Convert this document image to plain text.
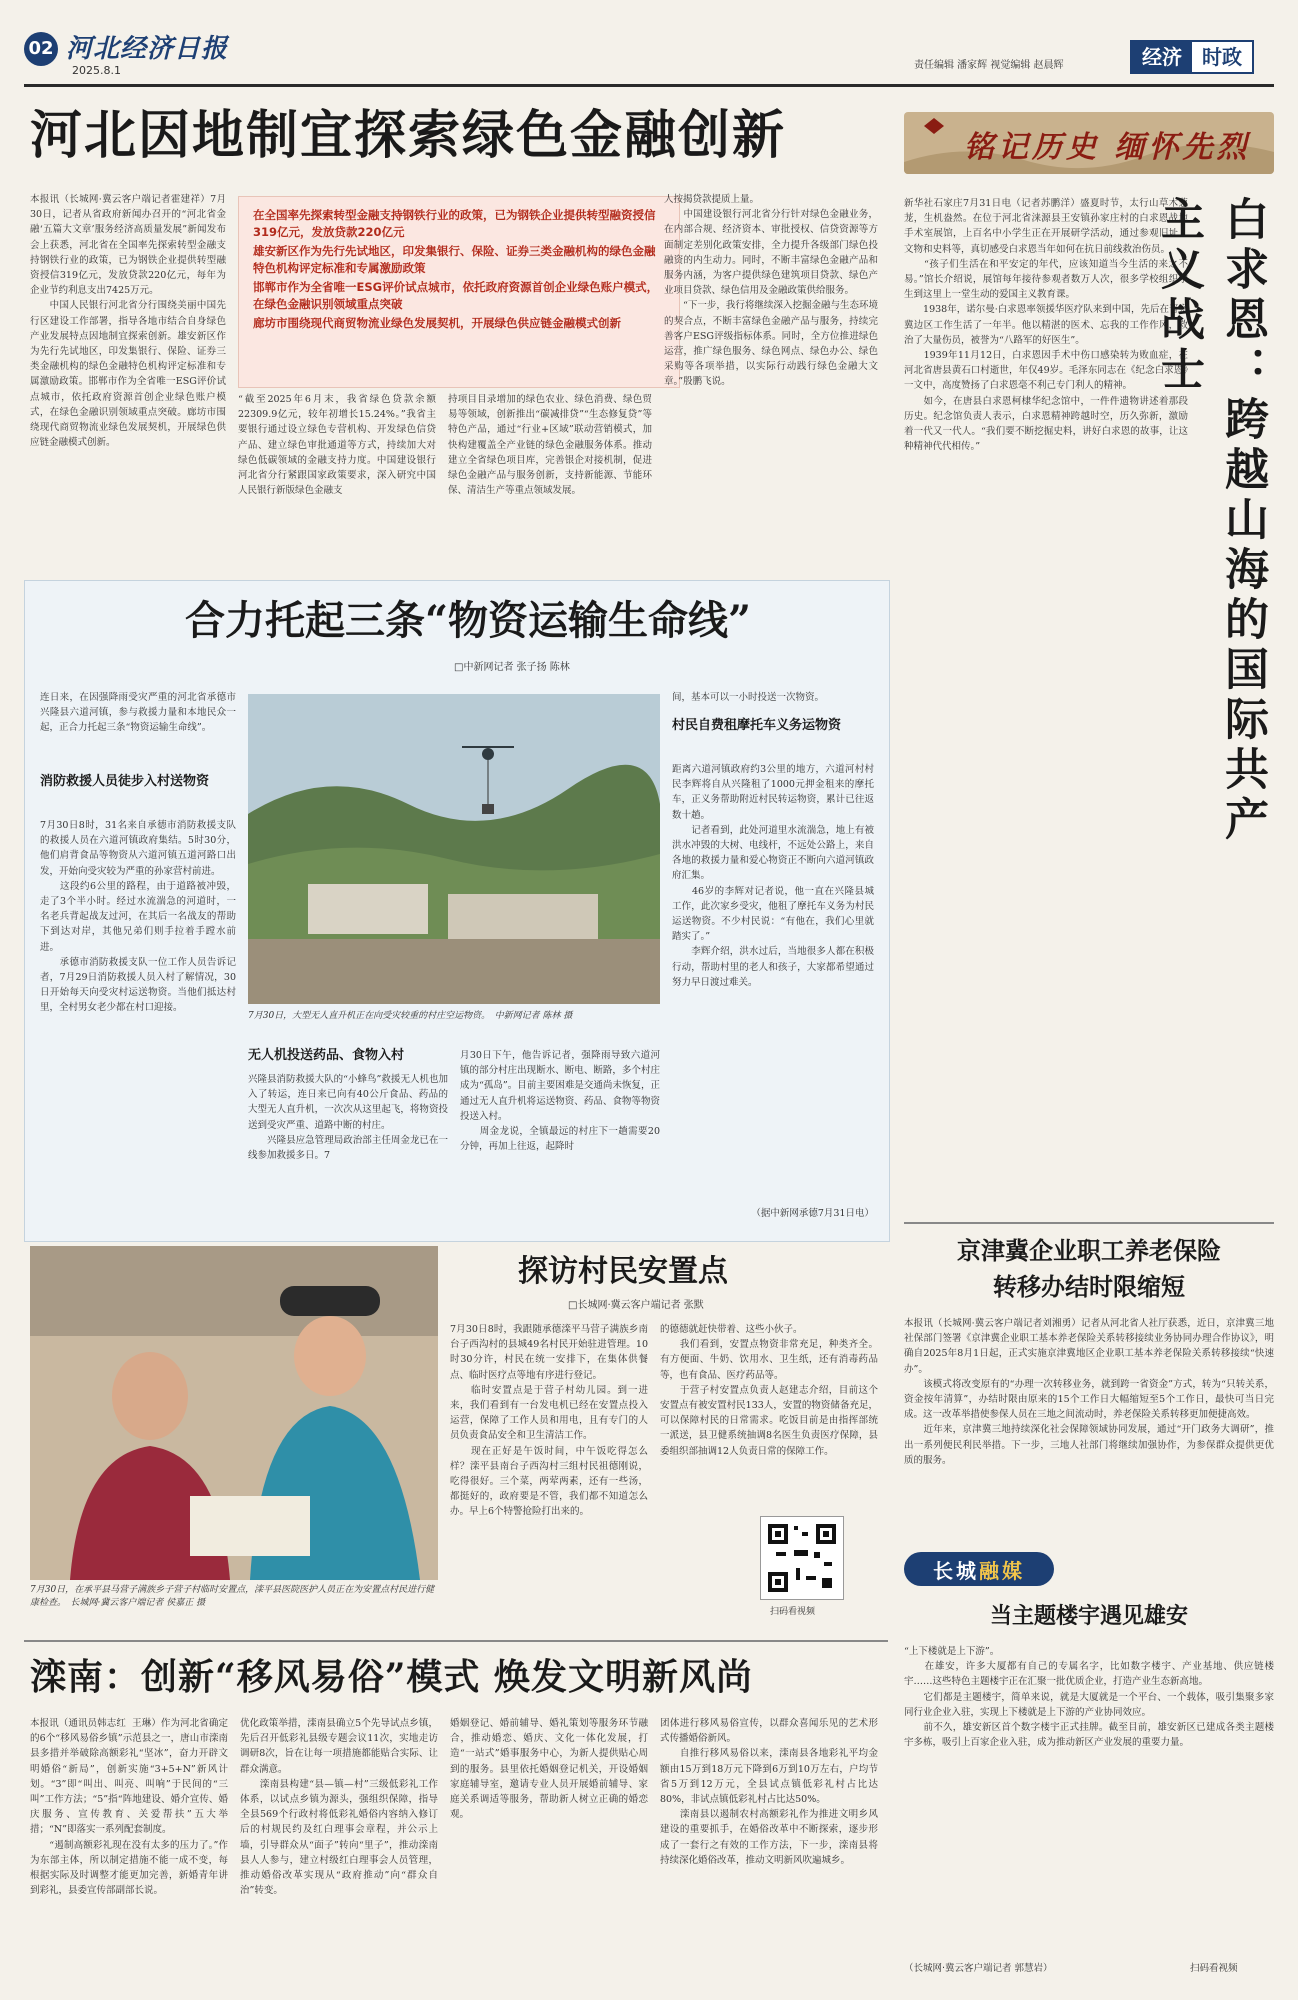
02 河北经济日报
2025.8.1	责任编辑 潘家辉 视觉编辑 赵晨辉	经济	时政
河北因地制宜探索绿色金融创新
本报讯（长城网·冀云客户端记者霍建祥）7月30日，记者从省政府新闻办召开的“河北省金融‘五篇大文章’服务经济高质量发展”新闻发布会上获悉，河北省在全国率先探索转型金融支持钢铁行业的政策，已为钢铁企业提供转型融资授信319亿元，发放贷款220亿元，每年为企业节约利息支出7425万元。
　　中国人民银行河北省分行围绕美丽中国先行区建设工作部署，指导各地市结合自身绿色产业发展特点因地制宜探索创新。雄安新区作为先行先试地区，印发集银行、保险、证券三类金融机构的绿色金融特色机构评定标准和专属激励政策。邯郸市作为全省唯一ESG评价试点城市，依托政府资源首创企业绿色账户模式，在绿色金融识别领域重点突破。廊坊市围绕现代商贸物流业绿色发展契机，开展绿色供应链金融模式创新。

在全国率先探索转型金融支持钢铁行业的政策，已为钢铁企业提供转型融资授信319亿元，发放贷款220亿元

雄安新区作为先行先试地区，印发集银行、保险、证券三类金融机构的绿色金融特色机构评定标准和专属激励政策

邯郸市作为全省唯一ESG评价试点城市，依托政府资源首创企业绿色账户模式，在绿色金融识别领域重点突破

廊坊市围绕现代商贸物流业绿色发展契机，开展绿色供应链金融模式创新

“截至2025年6月末，我省绿色贷款余额22309.9亿元，较年初增长15.24%。”我省主要银行通过设立绿色专营机构、开发绿色信贷产品、建立绿色审批通道等方式，持续加大对绿色低碳领域的金融支持力度。中国建设银行河北省分行紧跟国家政策要求，深入研究中国人民银行新版绿色金融支
持项目目录增加的绿色农业、绿色消费、绿色贸易等领域，创新推出“碳减排贷”“生态修复贷”等特色产品，通过“行业+区域”联动营销模式，加快构建覆盖全产业链的绿色金融服务体系。推动建立全省绿色项目库，完善银企对接机制，促进绿色金融产品与服务创新，支持新能源、节能环保、清洁生产等重点领域发展。
人按揭贷款提质上量。
　　中国建设银行河北省分行针对绿色金融业务，在内部合规、经济资本、审批授权、信贷资源等方面制定差别化政策安排，全力提升各级部门绿色投融资的内生动力。同时，不断丰富绿色金融产品和服务内涵，为客户提供绿色建筑项目贷款、绿色产业项目贷款、绿色信用及金融政策供给服务。
　　“下一步，我行将继续深入挖掘金融与生态环境的契合点，不断丰富绿色金融产品与服务，持续完善客户ESG评级指标体系。同时，全方位推进绿色运营，推广绿色服务、绿色网点、绿色办公、绿色采购等各项举措，以实际行动践行绿色金融大文章。”殷鹏飞说。
合力托起三条“物资运输生命线”
□中新网记者 张子扬 陈林
连日来，在因强降雨受灾严重的河北省承德市兴隆县六道河镇，参与救援力量和本地民众一起，正合力托起三条“物资运输生命线”。
消防救援人员徒步入村送物资
7月30日8时，31名来自承德市消防救援支队的救援人员在六道河镇政府集结。5时30分，他们肩背食品等物资从六道河镇五道河路口出发，开始向受灾较为严重的孙家营村前进。
　　这段约6公里的路程，由于道路被冲毁，走了3个半小时。经过水流湍急的河道时，一名老兵背起战友过河，在其后一名战友的帮助下到达对岸，其他兄弟们则手拉着手蹚水前进。
　　承德市消防救援支队一位工作人员告诉记者，7月29日消防救援人员入村了解情况，30日开始每天向受灾村运送物资。当他们抵达村里，全村男女老少都在村口迎接。
7月30日，大型无人直升机正在向受灾较重的村庄空运物资。　中新网记者 陈林 摄
无人机投送药品、食物入村
兴隆县消防救援大队的“小蜂鸟”救援无人机也加入了转运，连日来已向有40公斤食品、药品的大型无人直升机，一次次从这里起飞，将物资投送到受灾严重、道路中断的村庄。
　　兴隆县应急管理局政治部主任周金龙已在一线参加救援多日。7
月30日下午，他告诉记者，强降雨导致六道河镇的部分村庄出现断水、断电、断路，多个村庄成为“孤岛”。目前主要困难是交通尚未恢复，正通过无人直升机将运送物资、药品、食物等物资投送入村。
　　周金龙说，全镇最远的村庄下一趟需要20分钟，再加上往返，起降时
间，基本可以一小时投送一次物资。
村民自费租摩托车义务运物资
距离六道河镇政府约3公里的地方，六道河村村民李辉将自从兴隆租了1000元押金租来的摩托车，正义务帮助附近村民转运物资，累计已往返数十趟。
　　记者看到，此处河道里水流湍急，地上有被洪水冲毁的大树、电线杆，不远处公路上，来自各地的救援力量和爱心物资正不断向六道河镇政府汇集。
　　46岁的李辉对记者说，他一直在兴隆县城工作，此次家乡受灾，他租了摩托车义务为村民运送物资。不少村民说：“有他在，我们心里就踏实了。”
　　李辉介绍，洪水过后，当地很多人都在积极行动，帮助村里的老人和孩子，大家都希望通过努力早日渡过难关。
（据中新网承德7月31日电）
探访村民安置点
□长城网·冀云客户端记者 张默
7月30日，在承平县马营子满族乡子营子村临时安置点，滦平县医院医护人员正在为安置点村民进行健康检查。　长城网·冀云客户端记者 侯嘉正 摄
7月30日8时，我跟随承德滦平马营子满族乡南台子西沟村的县城49名村民开始驻进管理。10时30分许，村民在统一安排下，在集体供餐点、临时医疗点等地有序进行登记。
　　临时安置点是于营子村幼儿园。到一进来，我们看到有一台发电机已经在安置点投入运营，保障了工作人员和用电，且有专门的人员负责食品安全和卫生清洁工作。
　　现在正好是午饭时间，中午饭吃得怎么样？滦平县南台子西沟村三组村民祖德刚说，吃得很好。三个菜，两荤两素，还有一些汤，都挺好的，政府要是不管，我们都不知道怎么办。早上6个特警抢险打出来的。
的德德就赶快带着、这些小伙子。
　　我们看到，安置点物资非常充足，种类齐全。有方便面、牛奶、饮用水、卫生纸，还有消毒药品等，也有食品、医疗药品等。
　　于营子村安置点负责人赵建志介绍，目前这个安置点有被安置村民133人，安置的物资储备充足，可以保障村民的日常需求。吃饭目前是由指挥部统一派送，县卫健系统抽调8名医生负责医疗保障，县委组织部抽调12人负责日常的保障工作。
扫码看视频
滦南：创新“移风易俗”模式 焕发文明新风尚
本报讯（通讯员韩志红  王琳）作为河北省确定的6个“移风易俗乡镇”示范县之一，唐山市滦南县多措并举破除高额彩礼“坚冰”，奋力开辟文明婚俗“新局”，创新实施“3+5+N”新风计划。“3”即“叫出、叫亮、叫响”于民间的“三叫”工作方法；“5”指“阵地建设、婚介宣传、婚庆服务、宣传教育、关爱帮扶”五大举措；“N”即落实一系列配套制度。
　　“遏制高额彩礼现在没有太多的压力了。”作为东部主体，所以制定措施不能一成不变，每根据实际及时调整才能更加完善，新婚青年讲到彩礼，县委宣传部副部长说。
优化政策举措，滦南县确立5个先导试点乡镇，先后召开低彩礼县级专题会议11次，实地走访调研8次，旨在让每一项措施都能贴合实际、让群众满意。
　　滦南县构建“县—镇—村”三级低彩礼工作体系，以试点乡镇为源头，强组织保障，指导全县569个行政村将低彩礼婚俗内容纳入修订后的村规民约及红白理事会章程，并公示上墙，引导群众从“面子”转向“里子”，推动滦南县人人参与，建立村级红白理事会人员管理，推动婚俗改革实现从“政府推动”向“群众自治”转变。
婚姻登记、婚前辅导、婚礼策划等服务环节融合，推动婚恋、婚庆、文化一体化发展，打造“一站式”婚事服务中心，为新人提供贴心周到的服务。县里依托婚姻登记机关，开设婚姻家庭辅导室，邀请专业人员开展婚前辅导、家庭关系调适等服务，帮助新人树立正确的婚恋观。
团体进行移风易俗宣传，以群众喜闻乐见的艺术形式传播婚俗新风。
　　自推行移风易俗以来，滦南县各地彩礼平均金额由15万到18万元下降到6万到10万左右，户均节省5万到12万元，全县试点镇低彩礼村占比达80%，非试点镇低彩礼村占比达50%。
　　滦南县以遏制农村高额彩礼作为推进文明乡风建设的重要抓手，在婚俗改革中不断探索，逐步形成了一套行之有效的工作方法，下一步，滦南县将持续深化婚俗改革，推动文明新风吹遍城乡。
铭记历史 缅怀先烈
新华社石家庄7月31日电（记者苏鹏洋）盛夏时节，太行山草木葱茏，生机盎然。在位于河北省涞源县王安镇孙家庄村的白求恩战地手术室展馆，上百名中小学生正在开展研学活动，通过参观旧址、文物和史料等，真切感受白求恩当年如何在抗日前线救治伤员。
　　“孩子们生活在和平安定的年代，应该知道当今生活的来之不易。”馆长介绍说，展馆每年接待参观者数万人次，很多学校组织学生到这里上一堂生动的爱国主义教育课。
　　1938年，诺尔曼·白求恩率领援华医疗队来到中国，先后在晋察冀边区工作生活了一年半。他以精湛的医术、忘我的工作作风，救治了大量伤员，被誉为“八路军的好医生”。
　　1939年11月12日，白求恩因手术中伤口感染转为败血症，在河北省唐县黄石口村逝世，年仅49岁。毛泽东同志在《纪念白求恩》一文中，高度赞扬了白求恩毫不利己专门利人的精神。
　　如今，在唐县白求恩柯棣华纪念馆中，一件件遗物讲述着那段历史。纪念馆负责人表示，白求恩精神跨越时空，历久弥新，激励着一代又一代人。“我们要不断挖掘史料，讲好白求恩的故事，让这种精神代代相传。”	白求恩：跨越山海的国际共产主义战士
京津冀企业职工养老保险
转移办结时限缩短
本报讯（长城网·冀云客户端记者刘湘勇）记者从河北省人社厅获悉，近日，京津冀三地社保部门签署《京津冀企业职工基本养老保险关系转移接续业务协同办理合作协议》，明确自2025年8月1日起，正式实施京津冀地区企业职工基本养老保险关系转移接续“快速办”。
　　该模式将改变原有的“办理一次转移业务，就到跨一省资金”方式，转为“只转关系，资金按年清算”，办结时限由原来的15个工作日大幅缩短至5个工作日，最快可当日完成。这一改革举措使参保人员在三地之间流动时，养老保险关系转移更加便捷高效。
　　近年来，京津冀三地持续深化社会保障领域协同发展，通过“开门政务大调研”，推出一系列便民利民举措。下一步，三地人社部门将继续加强协作，为参保群众提供更优质的服务。
长城 融媒
当主题楼宇遇见雄安
“上下楼就是上下游”。
　　在雄安，许多大厦都有自己的专属名字，比如数字楼宇、产业基地、供应链楼宇……这些特色主题楼宇正在汇聚一批优质企业，打造产业生态新高地。
　　它们都是主题楼宇，简单来说，就是大厦就是一个平台、一个载体，吸引集聚多家同行业企业入驻，实现上下楼就是上下游的产业协同效应。
　　前不久，雄安新区首个数字楼宇正式挂牌。截至目前，雄安新区已建成各类主题楼宇多栋，吸引上百家企业入驻，成为推动新区产业发展的重要力量。
（长城网·冀云客户端记者 郭慧岩）	扫码看视频
